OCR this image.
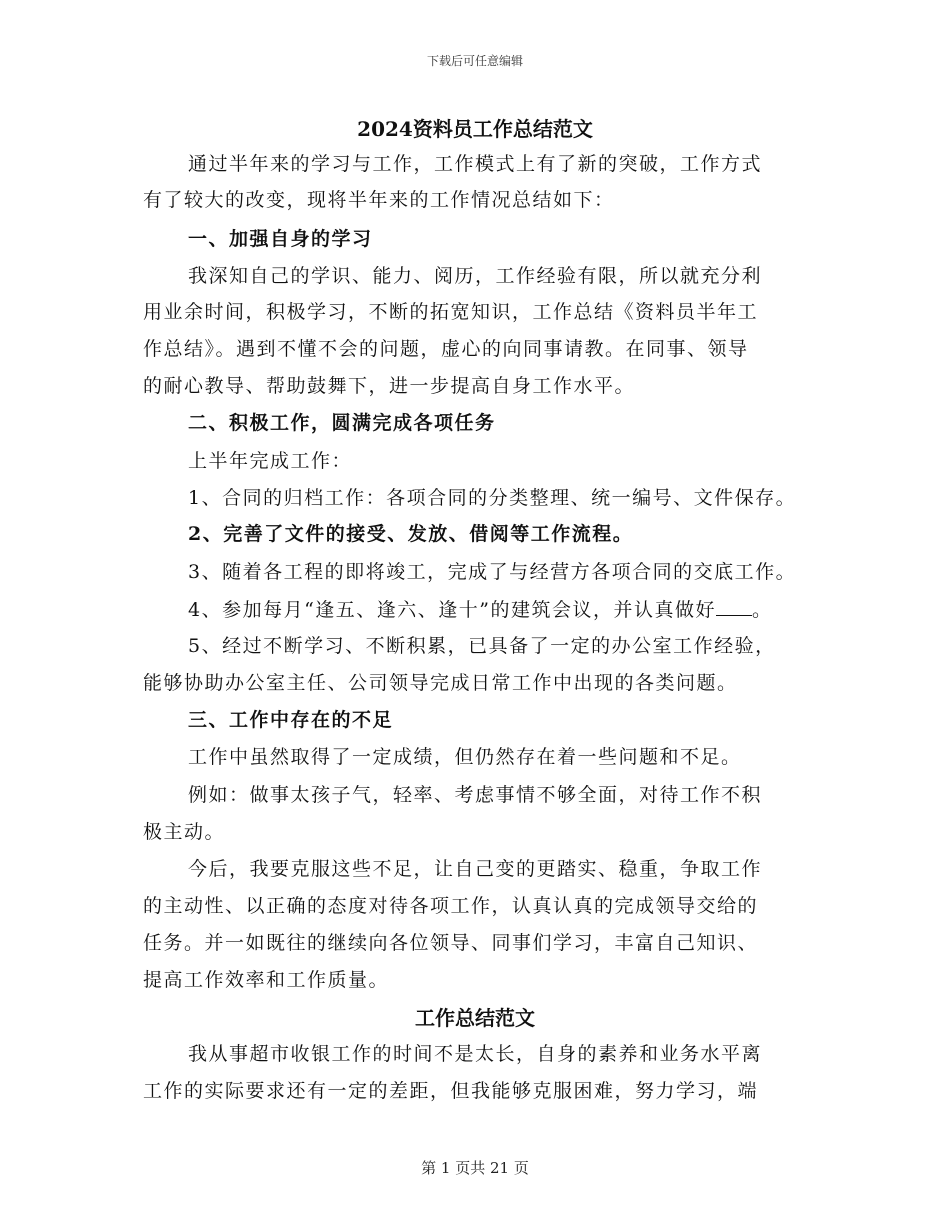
下载后可任意编辑
2024资料员工作总结范文
通过半年来的学习与工作，工作模式上有了新的突破，工作方式
有了较大的改变，现将半年来的工作情况总结如下：
一、加强自身的学习
我深知自己的学识、能力、阅历，工作经验有限，所以就充分利
用业余时间，积极学习，不断的拓宽知识，工作总结《资料员半年工
作总结》。遇到不懂不会的问题，虚心的向同事请教。在同事、领导
的耐心教导、帮助鼓舞下，进一步提高自身工作水平。
二、积极工作，圆满完成各项任务
上半年完成工作：
1、合同的归档工作：各项合同的分类整理、统一编号、文件保存。
2、完善了文件的接受、发放、借阅等工作流程。
3、随着各工程的即将竣工，完成了与经营方各项合同的交底工作。
4、参加每月“逢五、逢六、逢十”的建筑会议，并认真做好 。
5、经过不断学习、不断积累，已具备了一定的办公室工作经验，
能够协助办公室主任、公司领导完成日常工作中出现的各类问题。
三、工作中存在的不足
工作中虽然取得了一定成绩，但仍然存在着一些问题和不足。
例如：做事太孩子气，轻率、考虑事情不够全面，对待工作不积
极主动。
今后，我要克服这些不足，让自己变的更踏实、稳重，争取工作
的主动性、以正确的态度对待各项工作，认真认真的完成领导交给的
任务。并一如既往的继续向各位领导、同事们学习，丰富自己知识、
提高工作效率和工作质量。
工作总结范文
我从事超市收银工作的时间不是太长，自身的素养和业务水平离
工作的实际要求还有一定的差距，但我能够克服困难，努力学习，端
第 1 页共 21 页
